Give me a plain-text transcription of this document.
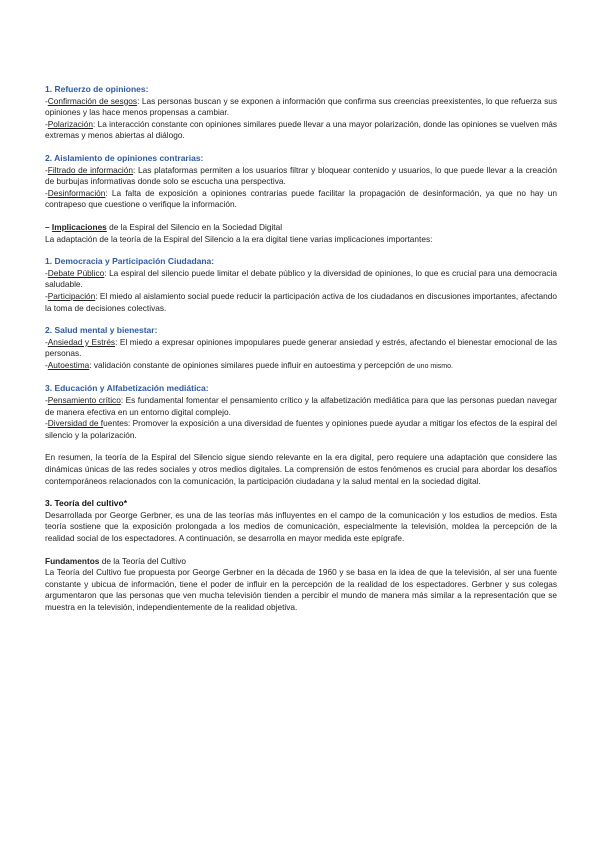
1. Refuerzo de opiniones:

-Confirmación de sesgos: Las personas buscan y se exponen a información que confirma sus creencias preexistentes, lo que refuerza sus opiniones y las hace menos propensas a cambiar.

-Polarización: La interacción constante con opiniones similares puede llevar a una mayor polarización, donde las opiniones se vuelven más extremas y menos abiertas al diálogo.

2. Aislamiento de opiniones contrarias:

-Filtrado de información: Las plataformas permiten a los usuarios filtrar y bloquear contenido y usuarios, lo que puede llevar a la creación de burbujas informativas donde solo se escucha una perspectiva.

-Desinformación: La falta de exposición a opiniones contrarias puede facilitar la propagación de desinformación, ya que no hay un contrapeso que cuestione o verifique la información.

– Implicaciones de la Espiral del Silencio en la Sociedad Digital

La adaptación de la teoría de la Espiral del Silencio a la era digital tiene varias implicaciones importantes:

1. Democracia y Participación Ciudadana:

-Debate Público: La espiral del silencio puede limitar el debate público y la diversidad de opiniones, lo que es crucial para una democracia saludable.

-Participación: El miedo al aislamiento social puede reducir la participación activa de los ciudadanos en discusiones importantes, afectando la toma de decisiones colectivas.

2. Salud mental y bienestar:

-Ansiedad y Estrés: El miedo a expresar opiniones impopulares puede generar ansiedad y estrés, afectando el bienestar emocional de las personas.

-Autoestima: validación constante de opiniones similares puede influir en autoestima y percepción de uno mismo.

3. Educación y Alfabetización mediática:

-Pensamiento crítico: Es fundamental fomentar el pensamiento crítico y la alfabetización mediática para que las personas puedan navegar de manera efectiva en un entorno digital complejo.

-Diversidad de fuentes: Promover la exposición a una diversidad de fuentes y opiniones puede ayudar a mitigar los efectos de la espiral del silencio y la polarización.

En resumen, la teoría de la Espiral del Silencio sigue siendo relevante en la era digital, pero requiere una adaptación que considere las dinámicas únicas de las redes sociales y otros medios digitales. La comprensión de estos fenómenos es crucial para abordar los desafíos contemporáneos relacionados con la comunicación, la participación ciudadana y la salud mental en la sociedad digital.

3. Teoría del cultivo*

Desarrollada por George Gerbner, es una de las teorías más influyentes en el campo de la comunicación y los estudios de medios. Esta teoría sostiene que la exposición prolongada a los medios de comunicación, especialmente la televisión, moldea la percepción de la realidad social de los espectadores. A continuación, se desarrolla en mayor medida este epígrafe.

Fundamentos de la Teoría del Cultivo

La Teoría del Cultivo fue propuesta por George Gerbner en la década de 1960 y se basa en la idea de que la televisión, al ser una fuente constante y ubicua de información, tiene el poder de influir en la percepción de la realidad de los espectadores. Gerbner y sus colegas argumentaron que las personas que ven mucha televisión tienden a percibir el mundo de manera más similar a la representación que se muestra en la televisión, independientemente de la realidad objetiva.
